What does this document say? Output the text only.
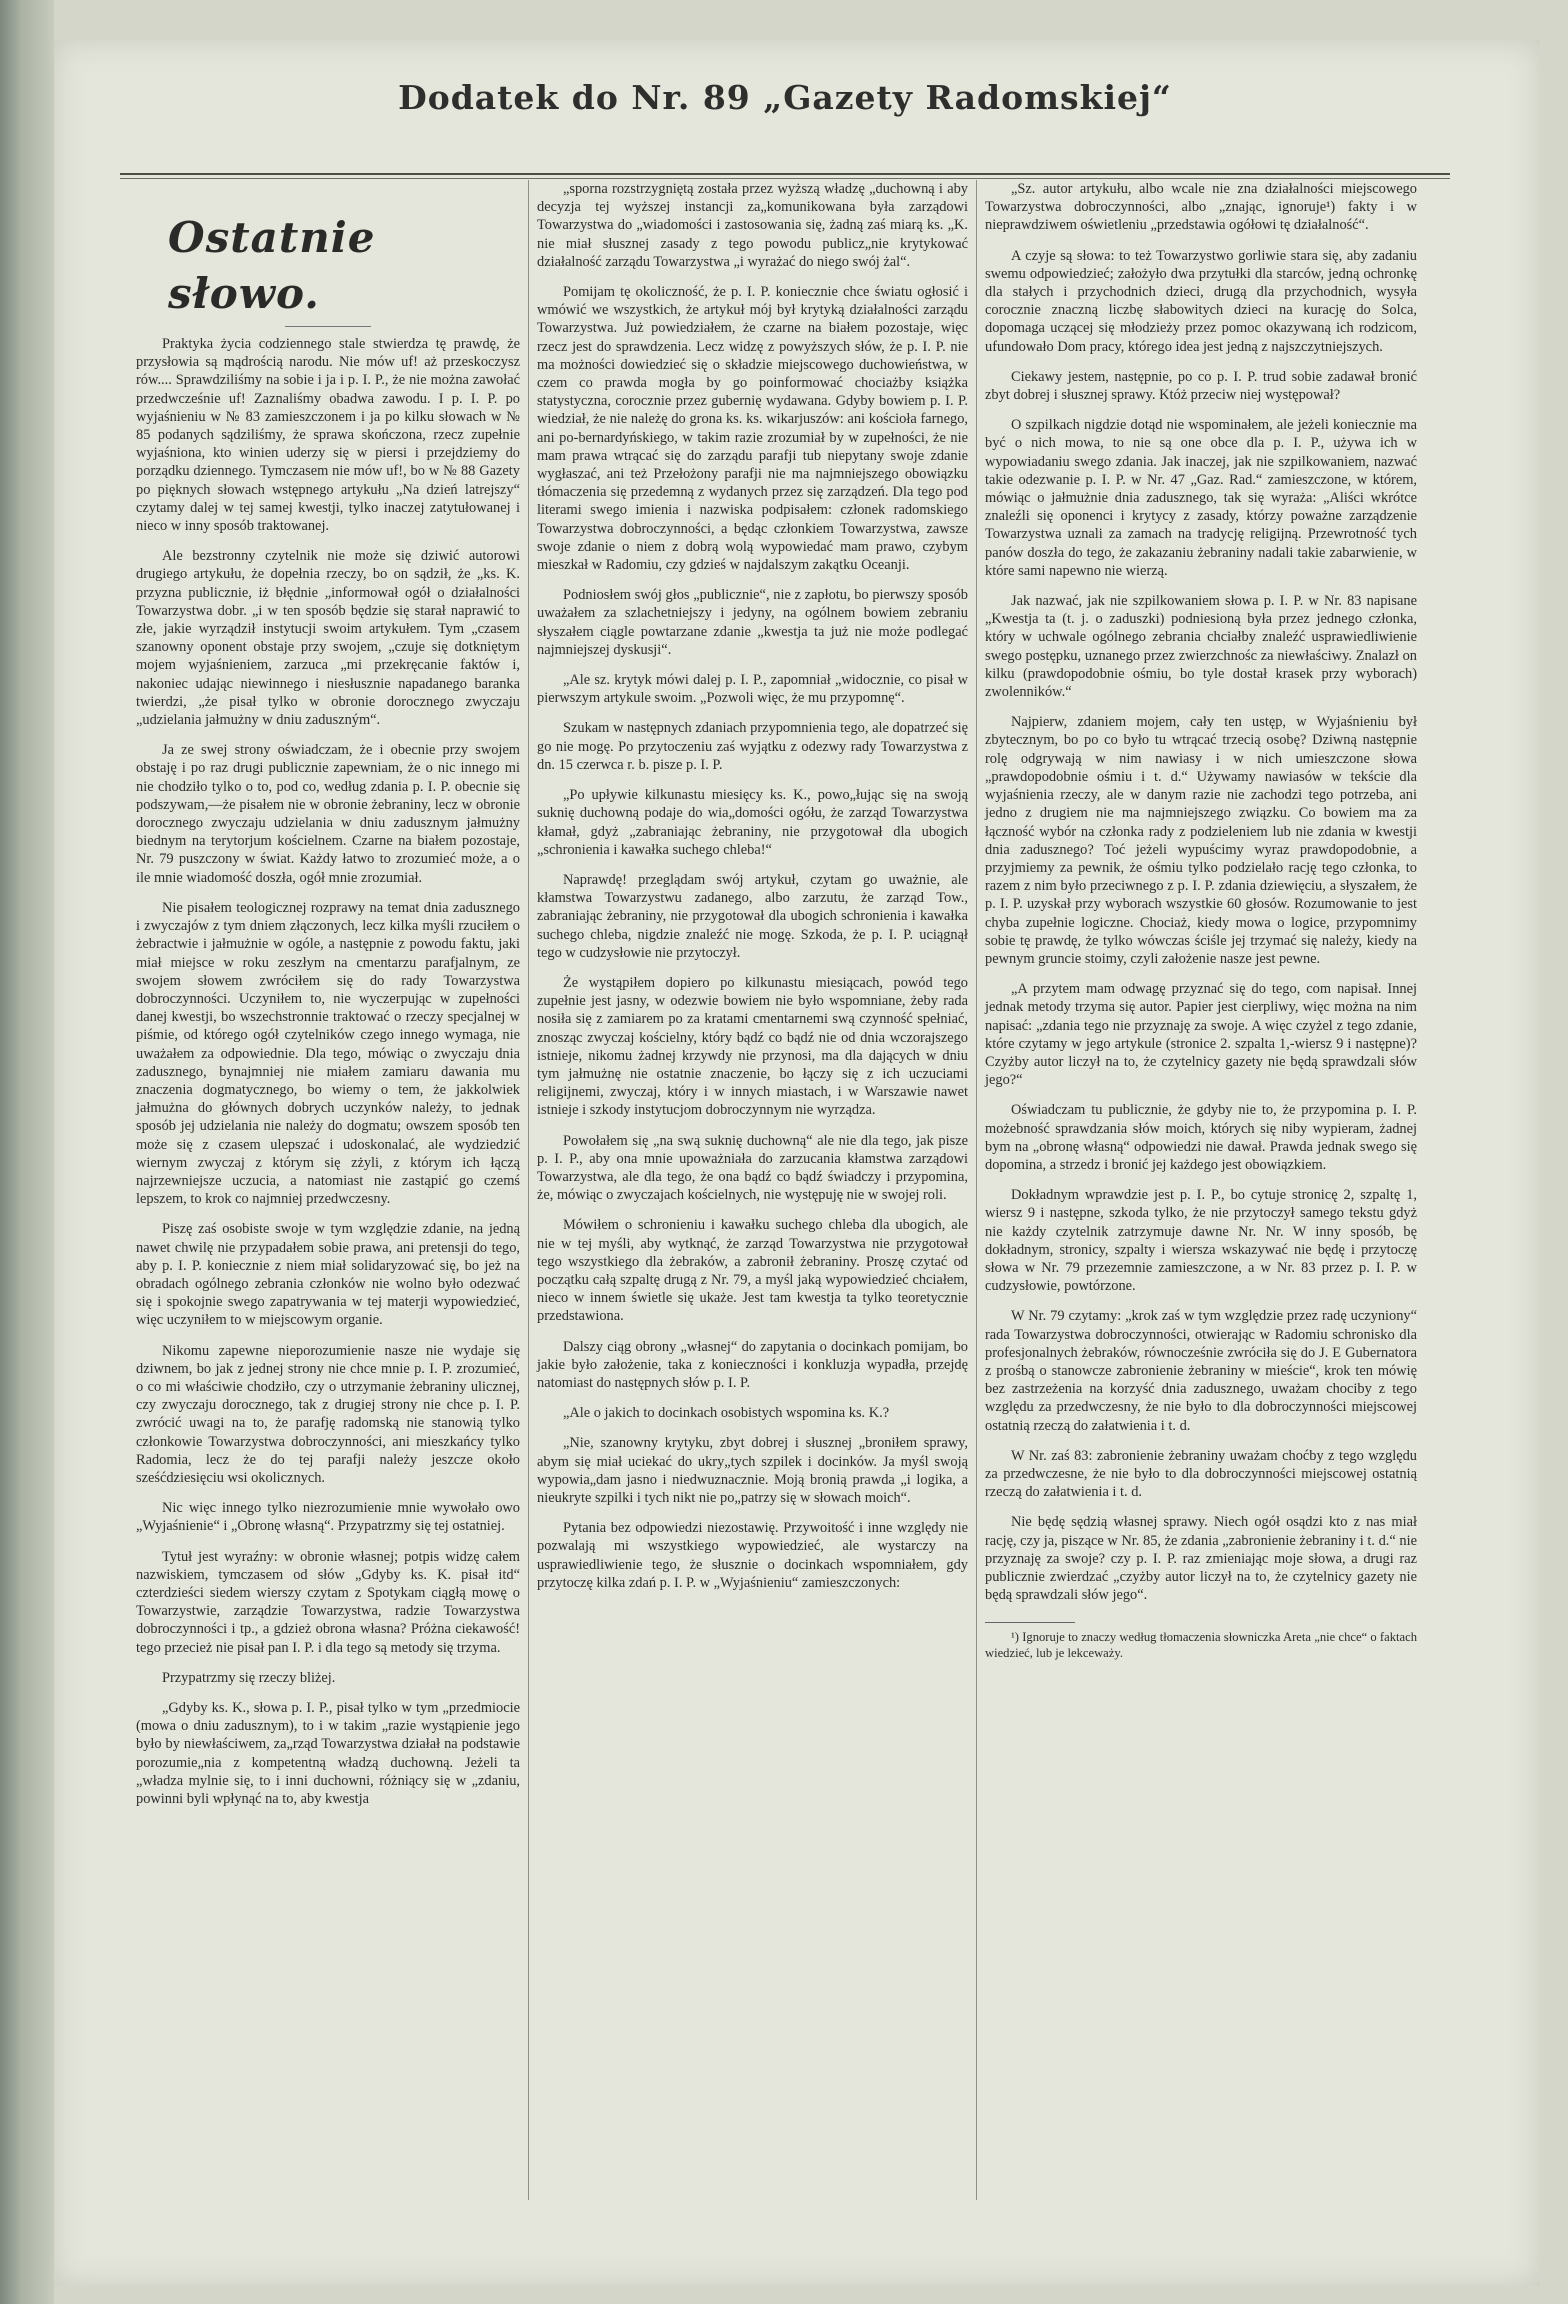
Dodatek do Nr. 89 „Gazety Radomskiej“
Ostatnie słowo.

Praktyka życia codziennego stale stwierdza tę prawdę, że przysłowia są mądrością narodu. Nie mów uf! aż przeskoczysz rów.... Sprawdziliśmy na sobie i ja i p. I. P., że nie można zawołać przedwcześnie uf! Zaznaliśmy obadwa zawodu. I p. I. P. po wyjaśnieniu w № 83 zamieszczonem i ja po kilku słowach w № 85 podanych sądziliśmy, że sprawa skończona, rzecz zupełnie wyjaśniona, kto winien uderzy się w piersi i przejdziemy do porządku dziennego. Tymczasem nie mów uf!, bo w № 88 Gazety po pięknych słowach wstępnego artykułu „Na dzień latrejszy“ czytamy dalej w tej samej kwestji, tylko inaczej zatytułowanej i nieco w inny sposób traktowanej.

Ale bezstronny czytelnik nie może się dziwić autorowi drugiego artykułu, że dopełnia rzeczy, bo on sądził, że „ks. K. przyzna publicznie, iż błędnie „informował ogół o działalności Towarzystwa dobr. „i w ten sposób będzie się starał naprawić to złe, jakie wyrządził instytucji swoim artykułem. Tym „czasem szanowny oponent obstaje przy swojem, „czuje się dotkniętym mojem wyjaśnieniem, zarzuca „mi przekręcanie faktów i, nakoniec udając niewinnego i niesłusznie napadanego baranka twierdzi, „że pisał tylko w obronie dorocznego zwyczaju „udzielania jałmużny w dniu zaduszným“.

Ja ze swej strony oświadczam, że i obecnie przy swojem obstaję i po raz drugi publicznie zapewniam, że o nic innego mi nie chodziło tylko o to, pod co, według zdania p. I. P. obecnie się podszywam,—że pisałem nie w obronie żebraniny, lecz w obronie dorocznego zwyczaju udzielania w dniu zadusznym jałmużny biednym na terytorjum kościelnem. Czarne na białem pozostaje, Nr. 79 puszczony w świat. Każdy łatwo to zrozumieć może, a o ile mnie wiadomość doszła, ogół mnie zrozumiał.

Nie pisałem teologicznej rozprawy na temat dnia zadusznego i zwyczajów z tym dniem złączonych, lecz kilka myśli rzuciłem o żebractwie i jałmużnie w ogóle, a następnie z powodu faktu, jaki miał miejsce w roku zeszłym na cmentarzu parafjalnym, ze swojem słowem zwróciłem się do rady Towarzystwa dobroczynności. Uczyniłem to, nie wyczerpując w zupełności danej kwestji, bo wszechstronnie traktować o rzeczy specjalnej w piśmie, od którego ogół czytelników czego innego wymaga, nie uważałem za odpowiednie. Dla tego, mówiąc o zwyczaju dnia zadusznego, bynajmniej nie miałem zamiaru dawania mu znaczenia dogmatycznego, bo wiemy o tem, że jakkolwiek jałmużna do głównych dobrych uczynków należy, to jednak sposób jej udzielania nie należy do dogmatu; owszem sposób ten może się z czasem ulepszać i udoskonalać, ale wydziedzić wiernym zwyczaj z którym się zżyli, z którym ich łączą najrzewniejsze uczucia, a natomiast nie zastąpić go czemś lepszem, to krok co najmniej przedwczesny.

Piszę zaś osobiste swoje w tym względzie zdanie, na jedną nawet chwilę nie przypadałem sobie prawa, ani pretensji do tego, aby p. I. P. koniecznie z niem miał solidaryzować się, bo jeż na obradach ogólnego zebrania członków nie wolno było odezwać się i spokojnie swego zapatrywania w tej materji wypowiedzieć, więc uczyniłem to w miejscowym organie.

Nikomu zapewne nieporozumienie nasze nie wydaje się dziwnem, bo jak z jednej strony nie chce mnie p. I. P. zrozumieć, o co mi właściwie chodziło, czy o utrzymanie żebraniny ulicznej, czy zwyczaju dorocznego, tak z drugiej strony nie chce p. I. P. zwrócić uwagi na to, że parafję radomską nie stanowią tylko członkowie Towarzystwa dobroczynności, ani mieszkańcy tylko Radomia, lecz że do tej parafji należy jeszcze około sześćdziesięciu wsi okolicznych.

Nic więc innego tylko niezrozumienie mnie wywołało owo „Wyjaśnienie“ i „Obronę własną“. Przypatrzmy się tej ostatniej.

Tytuł jest wyraźny: w obronie własnej; potpis widzę całem nazwiskiem, tymczasem od słów „Gdyby ks. K. pisał itd“ czterdzieści siedem wierszy czytam z Spotykam ciągłą mowę o Towarzystwie, zarządzie Towarzystwa, radzie Towarzystwa dobroczynności i tp., a gdzież obrona własna? Próżna ciekawość! tego przecież nie pisał pan I. P. i dla tego są metody się trzyma.

Przypatrzmy się rzeczy bliżej.

„Gdyby ks. K., słowa p. I. P., pisał tylko w tym „przedmiocie (mowa o dniu zadusznym), to i w takim „razie wystąpienie jego było by niewłaściwem, za„rząd Towarzystwa działał na podstawie porozumie„nia z kompetentną władzą duchowną. Jeżeli ta „władza mylnie się, to i inni duchowni, różniący się w „zdaniu, powinni byli wpłynąć na to, aby kwestja

„sporna rozstrzygniętą została przez wyższą władzę „duchowną i aby decyzja tej wyższej instancji za„komunikowana była zarządowi Towarzystwa do „wiadomości i zastosowania się, żadną zaś miarą ks. „K. nie miał słusznej zasady z tego powodu publicz„nie krytykować działalność zarządu Towarzystwa „i wyrażać do niego swój żal“.

Pomijam tę okoliczność, że p. I. P. koniecznie chce światu ogłosić i wmówić we wszystkich, że artykuł mój był krytyką działalności zarządu Towarzystwa. Już powiedziałem, że czarne na białem pozostaje, więc rzecz jest do sprawdzenia. Lecz widzę z powyższych słów, że p. I. P. nie ma możności dowiedzieć się o składzie miejscowego duchowieństwa, w czem co prawda mogła by go poinformować chociażby książka statystyczna, corocznie przez gubernię wydawana. Gdyby bowiem p. I. P. wiedział, że nie należę do grona ks. ks. wikarjuszów: ani kościoła farnego, ani po-bernardyńskiego, w takim razie zrozumiał by w zupełności, że nie mam prawa wtrącać się do zarządu parafji tub niepytany swoje zdanie wygłaszać, ani też Przełożony parafji nie ma najmniejszego obowiązku tłómaczenia się przedemną z wydanych przez się zarządzeń. Dla tego pod literami swego imienia i nazwiska podpisałem: członek radomskiego Towarzystwa dobroczynności, a będąc członkiem Towarzystwa, zawsze swoje zdanie o niem z dobrą wolą wypowiedać mam prawo, czybym mieszkał w Radomiu, czy gdzieś w najdalszym zakątku Oceanji.

Podniosłem swój głos „publicznie“, nie z zapłotu, bo pierwszy sposób uważałem za szlachetniejszy i jedyny, na ogólnem bowiem zebraniu słyszałem ciągle powtarzane zdanie „kwestja ta już nie może podlegać najmniejszej dyskusji“.

„Ale sz. krytyk mówi dalej p. I. P., zapomniał „widocznie, co pisał w pierwszym artykule swoim. „Pozwoli więc, że mu przypomnę“.

Szukam w następnych zdaniach przypomnienia tego, ale dopatrzeć się go nie mogę. Po przytoczeniu zaś wyjątku z odezwy rady Towarzystwa z dn. 15 czerwca r. b. pisze p. I. P.

„Po upływie kilkunastu miesięcy ks. K., powo„łując się na swoją suknię duchowną podaje do wia„domości ogółu, że zarząd Towarzystwa kłamał, gdyż „zabraniając żebraniny, nie przygotował dla ubogich „schronienia i kawałka suchego chleba!“

Naprawdę! przeglądam swój artykuł, czytam go uważnie, ale kłamstwa Towarzystwu zadanego, albo zarzutu, że zarząd Tow., zabraniając żebraniny, nie przygotował dla ubogich schronienia i kawałka suchego chleba, nigdzie znaleźć nie mogę. Szkoda, że p. I. P. uciągnął tego w cudzysłowie nie przytoczył.

Że wystąpiłem dopiero po kilkunastu miesiącach, powód tego zupełnie jest jasny, w odezwie bowiem nie było wspomniane, żeby rada nosiła się z zamiarem po za kratami cmentarnemi swą czynność spełniać, znosząc zwyczaj kościelny, który bądź co bądź nie od dnia wczorajszego istnieje, nikomu żadnej krzywdy nie przynosi, ma dla dających w dniu tym jałmużnę nie ostatnie znaczenie, bo łączy się z ich uczuciami religijnemi, zwyczaj, który i w innych miastach, i w Warszawie nawet istnieje i szkody instytucjom dobroczynnym nie wyrządza.

Powołałem się „na swą suknię duchowną“ ale nie dla tego, jak pisze p. I. P., aby ona mnie upoważniała do zarzucania kłamstwa zarządowi Towarzystwa, ale dla tego, że ona bądź co bądź świadczy i przypomina, że, mówiąc o zwyczajach kościelnych, nie występuję nie w swojej roli.

Mówiłem o schronieniu i kawałku suchego chleba dla ubogich, ale nie w tej myśli, aby wytknąć, że zarząd Towarzystwa nie przygotował tego wszystkiego dla żebraków, a zabronił żebraniny. Proszę czytać od początku całą szpaltę drugą z Nr. 79, a myśl jaką wypowiedzieć chciałem, nieco w innem świetle się ukaże. Jest tam kwestja ta tylko teoretycznie przedstawiona.

Dalszy ciąg obrony „własnej“ do zapytania o docinkach pomijam, bo jakie było założenie, taka z konieczności i konkluzja wypadła, przejdę natomiast do następnych słów p. I. P.

„Ale o jakich to docinkach osobistych wspomina ks. K.?

„Nie, szanowny krytyku, zbyt dobrej i słusznej „broniłem sprawy, abym się miał uciekać do ukry„tych szpilek i docinków. Ja myśl swoją wypowia„dam jasno i niedwuznacznie. Moją bronią prawda „i logika, a nieukryte szpilki i tych nikt nie po„patrzy się w słowach moich“.

Pytania bez odpowiedzi niezostawię. Przywoitość i inne względy nie pozwalają mi wszystkiego wypowiedzieć, ale wystarczy na usprawiedliwienie tego, że słusznie o docinkach wspomniałem, gdy przytoczę kilka zdań p. I. P. w „Wyjaśnieniu“ zamieszczonych:

„Sz. autor artykułu, albo wcale nie zna działalności miejscowego Towarzystwa dobroczynności, albo „znając, ignoruje¹) fakty i w nieprawdziwem oświetleniu „przedstawia ogółowi tę działalność“.

A czyje są słowa: to też Towarzystwo gorliwie stara się, aby zadaniu swemu odpowiedzieć; założyło dwa przytułki dla starców, jedną ochronkę dla stałych i przychodnich dzieci, drugą dla przychodnich, wysyła corocznie znaczną liczbę słabowitych dzieci na kurację do Solca, dopomaga uczącej się młodzieży przez pomoc okazywaną ich rodzicom, ufundowało Dom pracy, którego idea jest jedną z najszczytniejszych.

Ciekawy jestem, następnie, po co p. I. P. trud sobie zadawał bronić zbyt dobrej i słusznej sprawy. Któż przeciw niej występował?

O szpilkach nigdzie dotąd nie wspominałem, ale jeżeli koniecznie ma być o nich mowa, to nie są one obce dla p. I. P., używa ich w wypowiadaniu swego zdania. Jak inaczej, jak nie szpilkowaniem, nazwać takie odezwanie p. I. P. w Nr. 47 „Gaz. Rad.“ zamieszczone, w którem, mówiąc o jałmużnie dnia zadusznego, tak się wyraża: „Aliści wkrótce znaleźli się oponenci i krytycy z zasady, którzy poważne zarządzenie Towarzystwa uznali za zamach na tradycję religijną. Przewrotność tych panów doszła do tego, że zakazaniu żebraniny nadali takie zabarwienie, w które sami napewno nie wierzą.

Jak nazwać, jak nie szpilkowaniem słowa p. I. P. w Nr. 83 napisane „Kwestja ta (t. j. o zaduszki) podniesioną była przez jednego członka, który w uchwale ogólnego zebrania chciałby znaleźć usprawiedliwienie swego postępku, uznanego przez zwierzchnośc za niewłaściwy. Znalazł on kilku (prawdopodobnie ośmiu, bo tyle dostał krasek przy wyborach) zwolenników.“

Najpierw, zdaniem mojem, cały ten ustęp, w Wyjaśnieniu był zbytecznym, bo po co było tu wtrącać trzecią osobę? Dziwną następnie rolę odgrywają w nim nawiasy i w nich umieszczone słowa „prawdopodobnie ośmiu i t. d.“ Używamy nawiasów w tekście dla wyjaśnienia rzeczy, ale w danym razie nie zachodzi tego potrzeba, ani jedno z drugiem nie ma najmniejszego związku. Co bowiem ma za łączność wybór na członka rady z podzieleniem lub nie zdania w kwestji dnia zadusznego? Toć jeżeli wypuścimy wyraz prawdopodobnie, a przyjmiemy za pewnik, że ośmiu tylko podzielało rację tego członka, to razem z nim było przeciwnego z p. I. P. zdania dziewięciu, a słyszałem, że p. I. P. uzyskał przy wyborach wszystkie 60 głosów. Rozumowanie to jest chyba zupełnie logiczne. Chociaż, kiedy mowa o logice, przypomnimy sobie tę prawdę, że tylko wówczas ściśle jej trzymać się należy, kiedy na pewnym gruncie stoimy, czyli założenie nasze jest pewne.

„A przytem mam odwagę przyznać się do tego, com napisał. Innej jednak metody trzyma się autor. Papier jest cierpliwy, więc można na nim napisać: „zdania tego nie przyznaję za swoje. A więc czyżel z tego zdanie, które czytamy w jego artykule (stronice 2. szpalta 1,-wiersz 9 i następne)? Czyżby autor liczył na to, że czytelnicy gazety nie będą sprawdzali słów jego?“

Oświadczam tu publicznie, że gdyby nie to, że przypomina p. I. P. możebność sprawdzania słów moich, których się niby wypieram, żadnej bym na „obronę własną“ odpowiedzi nie dawał. Prawda jednak swego się dopomina, a strzedz i bronić jej każdego jest obowiązkiem.

Dokładnym wprawdzie jest p. I. P., bo cytuje stronicę 2, szpaltę 1, wiersz 9 i następne, szkoda tylko, że nie przytoczył samego tekstu gdyż nie każdy czytelnik zatrzymuje dawne Nr. Nr. W inny sposób, bę dokładnym, stronicy, szpalty i wiersza wskazywać nie będę i przytoczę słowa w Nr. 79 przezemnie zamieszczone, a w Nr. 83 przez p. I. P. w cudzysłowie, powtórzone.

W Nr. 79 czytamy: „krok zaś w tym względzie przez radę uczyniony“ rada Towarzystwa dobroczynności, otwierając w Radomiu schronisko dla profesjonalnych żebraków, równocześnie zwróciła się do J. E Gubernatora z prośbą o stanowcze zabronienie żebraniny w mieście“, krok ten mówię bez zastrzeżenia na korzyść dnia zadusznego, uważam chociby z tego względu za przedwczesny, że nie było to dla dobroczynności miejscowej ostatnią rzeczą do załatwienia i t. d.

W Nr. zaś 83: zabronienie żebraniny uważam choćby z tego względu za przedwczesne, że nie było to dla dobroczynności miejscowej ostatnią rzeczą do załatwienia i t. d.

Nie będę sędzią własnej sprawy. Niech ogół osądzi kto z nas miał rację, czy ja, piszące w Nr. 85, że zdania „zabronienie żebraniny i t. d.“ nie przyznaję za swoje? czy p. I. P. raz zmieniając moje słowa, a drugi raz publicznie zwierdzać „czyżby autor liczył na to, że czytelnicy gazety nie będą sprawdzali słów jego“.

¹) Ignoruje to znaczy według tłomaczenia słowniczka Areta „nie chce“ o faktach wiedzieć, lub je lekceważy.
